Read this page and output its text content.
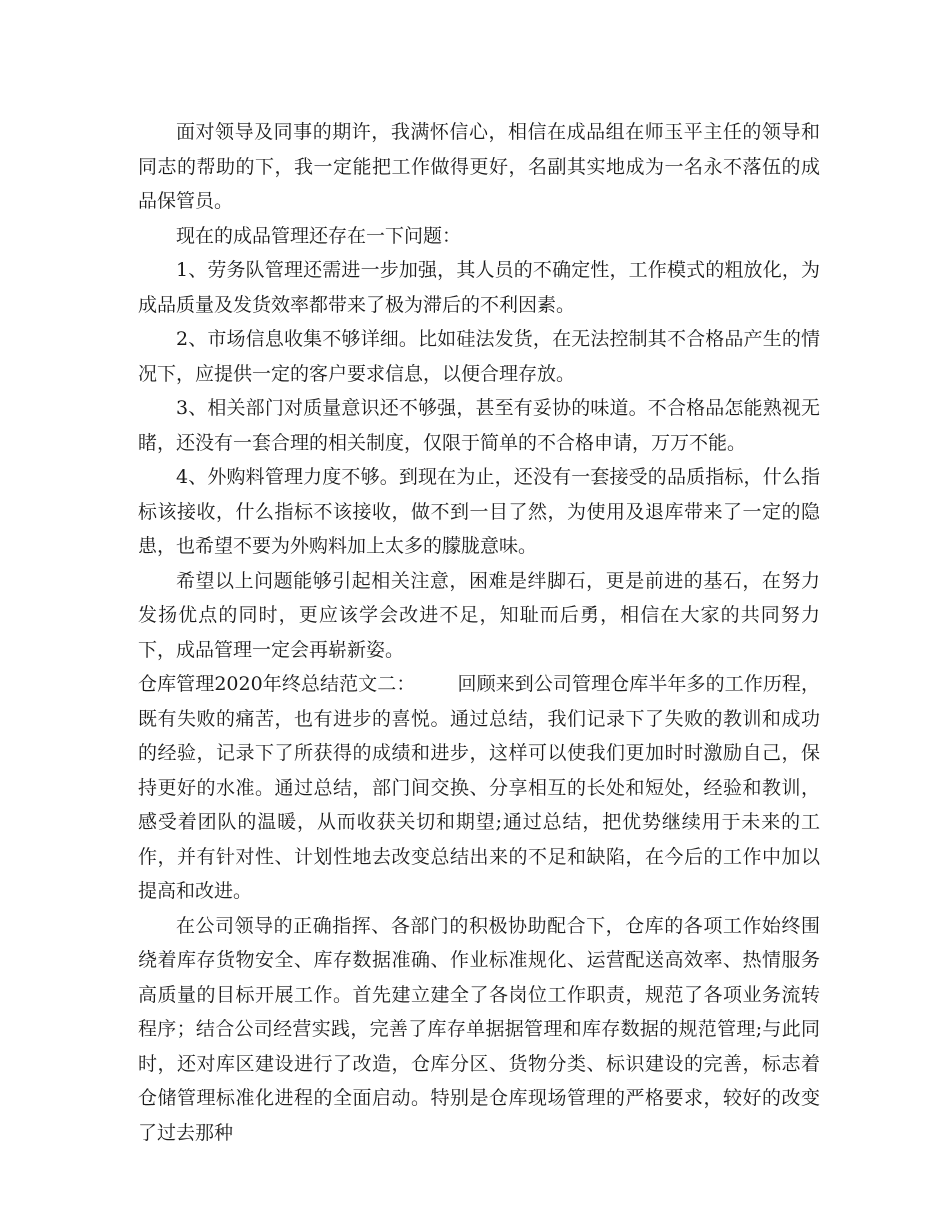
面对领导及同事的期许，我满怀信心，相信在成品组在师玉平主任的领导和同志的帮助的下，我一定能把工作做得更好，名副其实地成为一名永不落伍的成品保管员。

现在的成品管理还存在一下问题：

1、劳务队管理还需进一步加强，其人员的不确定性，工作模式的粗放化，为成品质量及发货效率都带来了极为滞后的不利因素。

2、市场信息收集不够详细。比如硅法发货，在无法控制其不合格品产生的情况下，应提供一定的客户要求信息，以便合理存放。

3、相关部门对质量意识还不够强，甚至有妥协的味道。不合格品怎能熟视无睹，还没有一套合理的相关制度，仅限于简单的不合格申请，万万不能。

4、外购料管理力度不够。到现在为止，还没有一套接受的品质指标，什么指标该接收，什么指标不该接收，做不到一目了然，为使用及退库带来了一定的隐患，也希望不要为外购料加上太多的朦胧意味。

希望以上问题能够引起相关注意，困难是绊脚石，更是前进的基石，在努力发扬优点的同时，更应该学会改进不足，知耻而后勇，相信在大家的共同努力下，成品管理一定会再崭新姿。

仓库管理2020年终总结范文二： 回顾来到公司管理仓库半年多的工作历程，既有失败的痛苦，也有进步的喜悦。通过总结，我们记录下了失败的教训和成功的经验，记录下了所获得的成绩和进步，这样可以使我们更加时时激励自己，保持更好的水准。通过总结，部门间交换、分享相互的长处和短处，经验和教训，感受着团队的温暖，从而收获关切和期望;通过总结，把优势继续用于未来的工作，并有针对性、计划性地去改变总结出来的不足和缺陷，在今后的工作中加以提高和改进。

在公司领导的正确指挥、各部门的积极协助配合下，仓库的各项工作始终围绕着库存货物安全、库存数据准确、作业标准规化、运营配送高效率、热情服务高质量的目标开展工作。首先建立建全了各岗位工作职责，规范了各项业务流转程序；结合公司经营实践，完善了库存单据据管理和库存数据的规范管理;与此同时，还对库区建设进行了改造，仓库分区、货物分类、标识建设的完善，标志着仓储管理标准化进程的全面启动。特别是仓库现场管理的严格要求，较好的改变了过去那种
